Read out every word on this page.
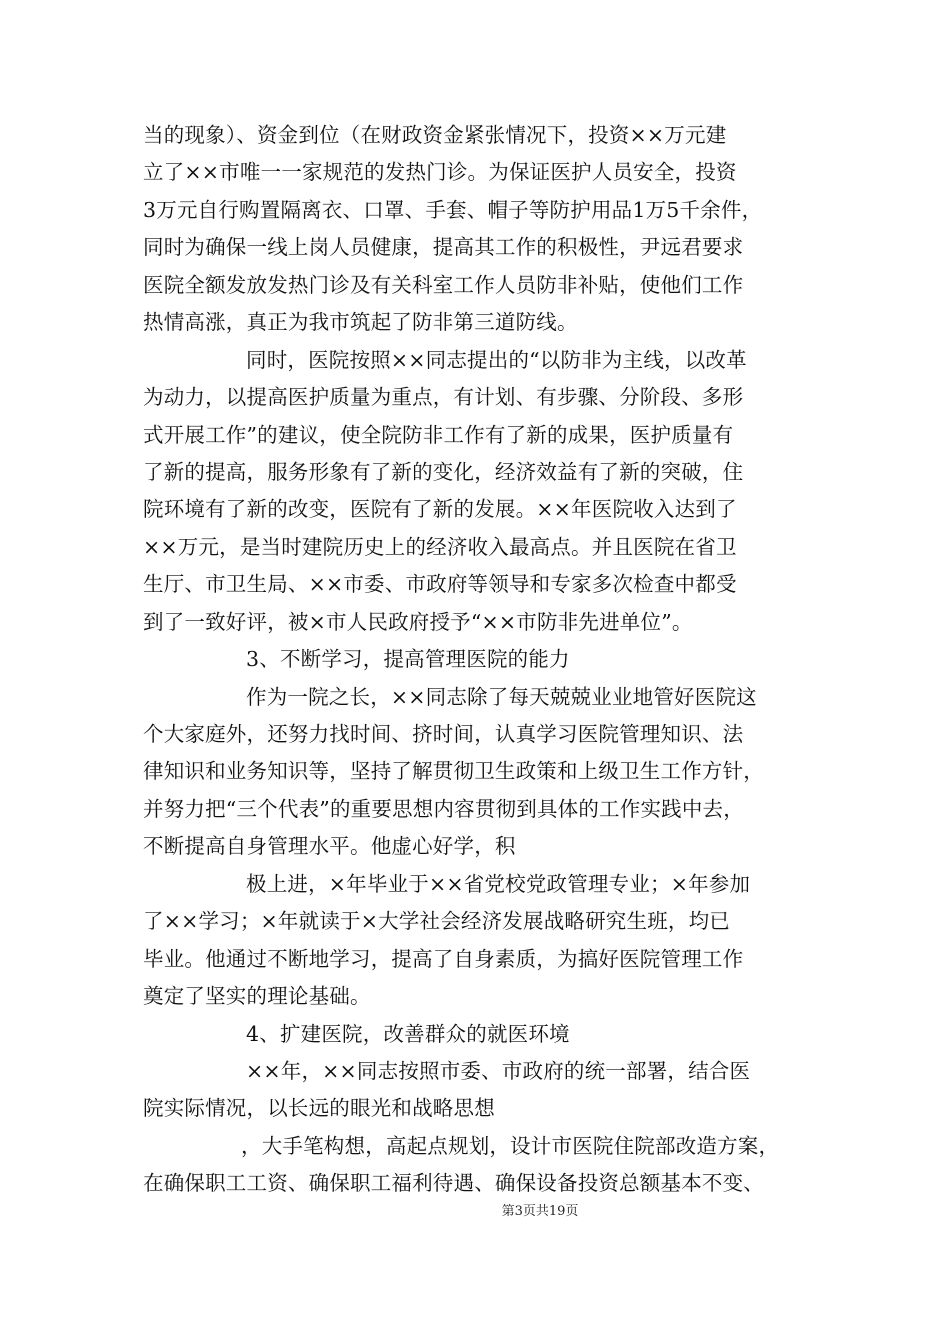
当的现象）、资金到位（在财政资金紧张情况下，投资××万元建
立了××市唯一一家规范的发热门诊。为保证医护人员安全，投资
3万元自行购置隔离衣、口罩、手套、帽子等防护用品1万5千余件，
同时为确保一线上岗人员健康，提高其工作的积极性，尹远君要求
医院全额发放发热门诊及有关科室工作人员防非补贴，使他们工作
热情高涨，真正为我市筑起了防非第三道防线。
同时，医院按照××同志提出的“以防非为主线，以改革
为动力，以提高医护质量为重点，有计划、有步骤、分阶段、多形
式开展工作”的建议，使全院防非工作有了新的成果，医护质量有
了新的提高，服务形象有了新的变化，经济效益有了新的突破，住
院环境有了新的改变，医院有了新的发展。××年医院收入达到了
××万元，是当时建院历史上的经济收入最高点。并且医院在省卫
生厅、市卫生局、××市委、市政府等领导和专家多次检查中都受
到了一致好评，被×市人民政府授予“××市防非先进单位”。
3、不断学习，提高管理医院的能力
作为一院之长，××同志除了每天兢兢业业地管好医院这
个大家庭外，还努力找时间、挤时间，认真学习医院管理知识、法
律知识和业务知识等，坚持了解贯彻卫生政策和上级卫生工作方针，
并努力把“三个代表”的重要思想内容贯彻到具体的工作实践中去，
不断提高自身管理水平。他虚心好学，积
极上进，×年毕业于××省党校党政管理专业；×年参加
了××学习；×年就读于×大学社会经济发展战略研究生班，均已
毕业。他通过不断地学习，提高了自身素质，为搞好医院管理工作
奠定了坚实的理论基础。
4、扩建医院，改善群众的就医环境
××年，××同志按照市委、市政府的统一部署，结合医
院实际情况，以长远的眼光和战略思想
，大手笔构想，高起点规划，设计市医院住院部改造方案，
在确保职工工资、确保职工福利待遇、确保设备投资总额基本不变、
第3页共19页
